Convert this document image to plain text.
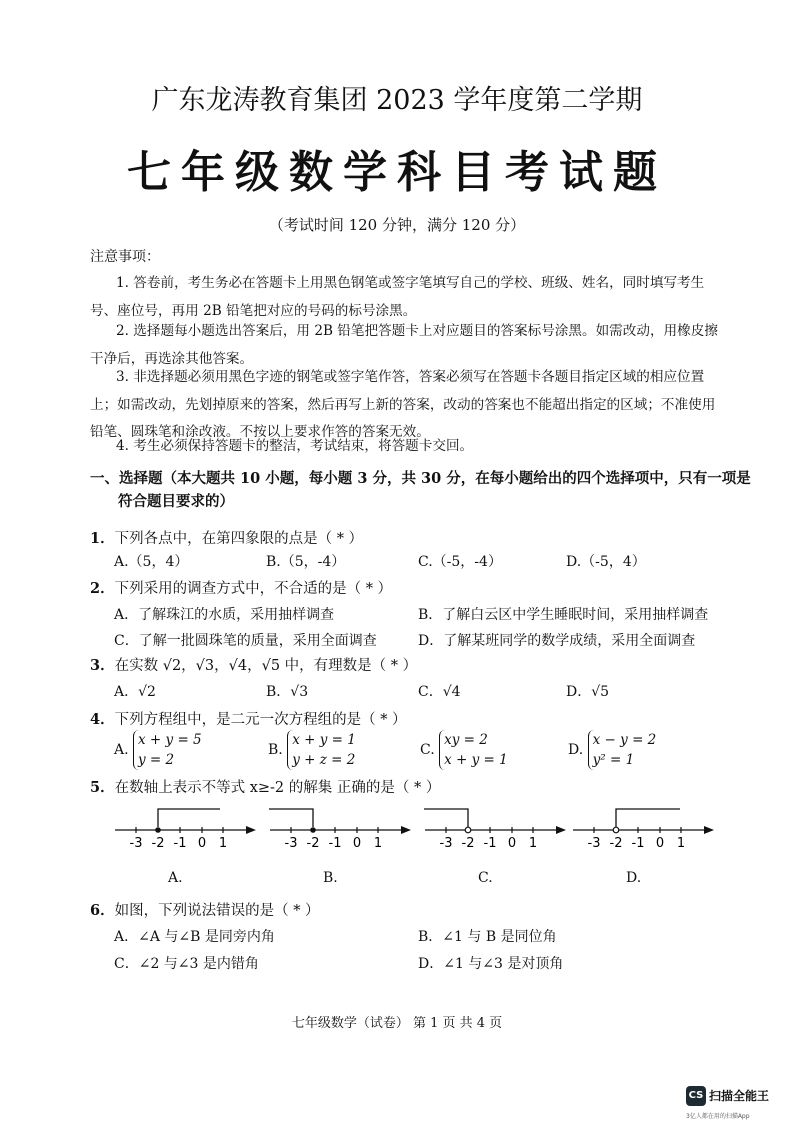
广东龙涛教育集团 2023 学年度第二学期
七年级数学科目考试题
（考试时间 120 分钟，满分 120 分）
注意事项：
1. 答卷前，考生务必在答题卡上用黑色钢笔或签字笔填写自己的学校、班级、姓名，同时填写考生号、座位号，再用 2B 铅笔把对应的号码的标号涂黑。
2. 选择题每小题选出答案后，用 2B 铅笔把答题卡上对应题目的答案标号涂黑。如需改动，用橡皮擦干净后，再选涂其他答案。
3. 非选择题必须用黑色字迹的钢笔或签字笔作答，答案必须写在答题卡各题目指定区域的相应位置上；如需改动，先划掉原来的答案，然后再写上新的答案，改动的答案也不能超出指定的区域；不准使用铅笔、圆珠笔和涂改液。不按以上要求作答的答案无效。
4. 考生必须保持答题卡的整洁，考试结束，将答题卡交回。
一、选择题（本大题共 10 小题，每小题 3 分，共 30 分，在每小题给出的四个选择项中，只有一项是
符合题目要求的）
1．下列各点中，在第四象限的点是（ * ）
A.（5，4）	B.（5，-4）	C.（-5，-4）	D.（-5，4）
2．下列采用的调查方式中，不合适的是（ * ）
A．了解珠江的水质，采用抽样调查	B．了解白云区中学生睡眠时间，采用抽样调查
C．了解一批圆珠笔的质量，采用全面调查	D．了解某班同学的数学成绩，采用全面调查
3．在实数 √2，√3，√4，√5 中，有理数是（ * ）
A．√2	B．√3	C．√4	D．√5
4．下列方程组中，是二元一次方程组的是（ * ）
A. x + y = 5
y = 2
B. x + y = 1
y + z = 2
C. xy = 2
x + y = 1
D. x − y = 2
y² = 1
5．在数轴上表示不等式 x≥-2 的解集 正确的是（ * ）
-3 -2 -1 0 1	-3 -2 -1 0 1	-3 -2 -1 0 1	-3 -2 -1 0 1
A.	B.	C.	D.
6．如图，下列说法错误的是（ * ）
A．∠A 与∠B 是同旁内角	B．∠1 与 B 是同位角
C．∠2 与∠3 是内错角	D．∠1 与∠3 是对顶角
七年级数学（试卷） 第 1 页 共 4 页
CS 扫描全能王
3亿人都在用的扫描App
